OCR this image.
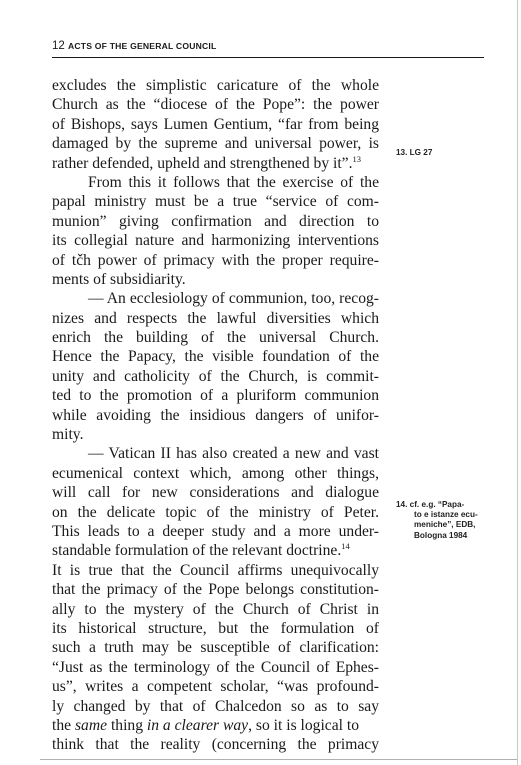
12 ACTS OF THE GENERAL COUNCIL
excludes the simplistic caricature of the whole
Church as the “diocese of the Pope”: the power
of Bishops, says Lumen Gentium, “far from being
damaged by the supreme and universal power, is
rather defended, upheld and strengthened by it”.$^{13}$
From this it follows that the exercise of the
papal ministry must be a true “service of com-
munion” giving confirmation and direction to
its collegial nature and harmonizing interventions
of tčh power of primacy with the proper require-
ments of subsidiarity.
— An ecclesiology of communion, too, recog-
nizes and respects the lawful diversities which
enrich the building of the universal Church.
Hence the Papacy, the visible foundation of the
unity and catholicity of the Church, is commit-
ted to the promotion of a pluriform communion
while avoiding the insidious dangers of unifor-
mity.
— Vatican II has also created a new and vast
ecumenical context which, among other things,
will call for new considerations and dialogue
on the delicate topic of the ministry of Peter.
This leads to a deeper study and a more under-
standable formulation of the relevant doctrine.$^{14}$
It is true that the Council affirms unequivocally
that the primacy of the Pope belongs constitution-
ally to the mystery of the Church of Christ in
its historical structure, but the formulation of
such a truth may be susceptible of clarification:
“Just as the terminology of the Council of Ephes-
us”, writes a competent scholar, “was profound-
ly changed by that of Chalcedon so as to say
the same thing in a clearer way, so it is logical to
think that the reality (concerning the primacy
13. LG 27
14. cf. e.g. “Papa-
to e istanze ecu-
meniche”, EDB,
Bologna 1984
